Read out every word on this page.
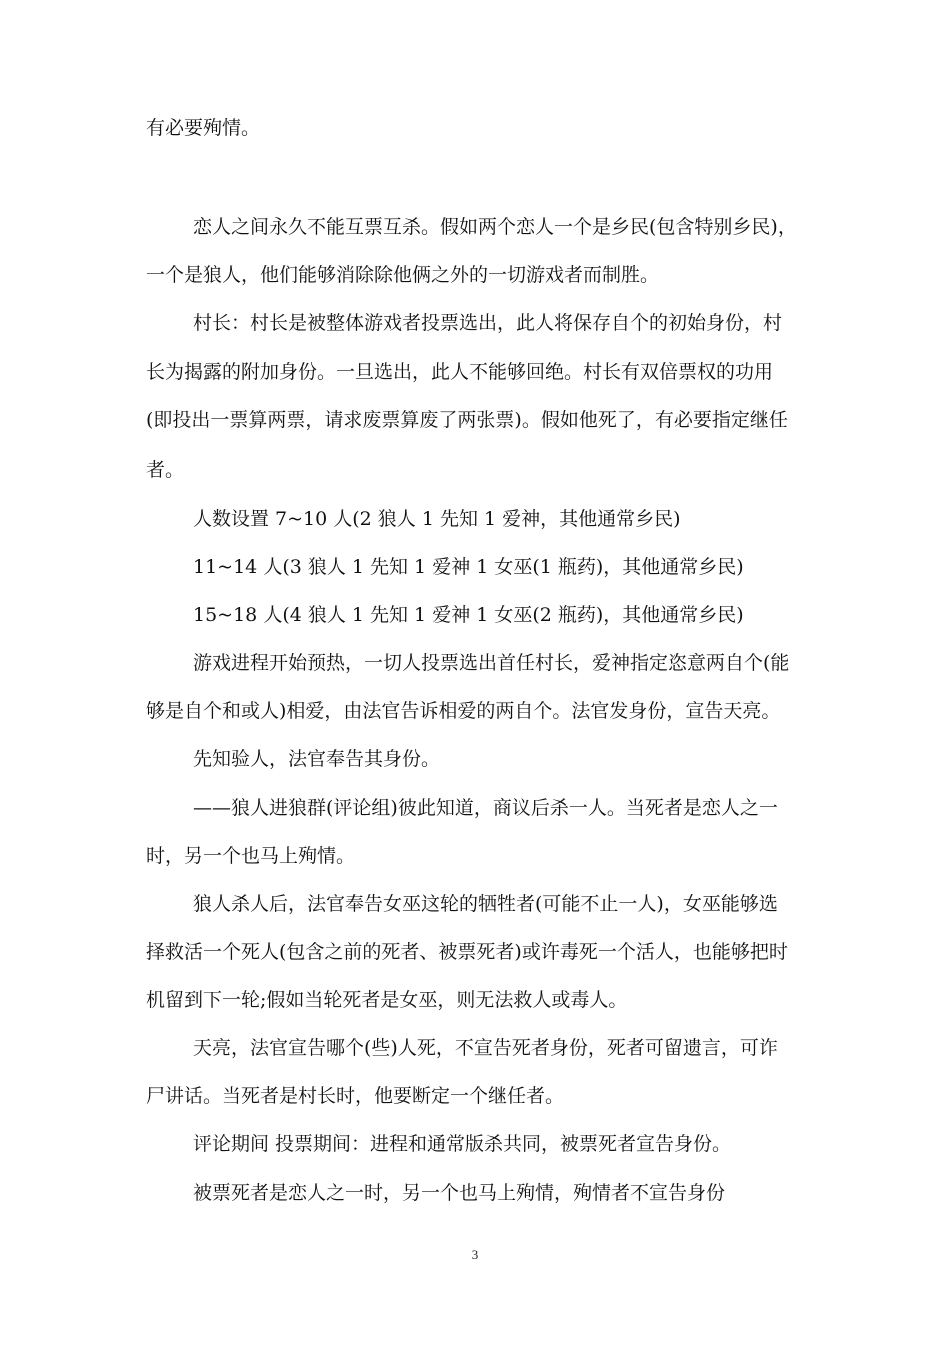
有必要殉情。
恋人之间永久不能互票互杀。假如两个恋人一个是乡民(包含特别乡民)，
一个是狼人，他们能够消除除他俩之外的一切游戏者而制胜。
村长：村长是被整体游戏者投票选出，此人将保存自个的初始身份，村
长为揭露的附加身份。一旦选出，此人不能够回绝。村长有双倍票权的功用
(即投出一票算两票，请求废票算废了两张票)。假如他死了，有必要指定继任
者。
人数设置 7~10 人(2 狼人 1 先知 1 爱神，其他通常乡民)
11~14 人(3 狼人 1 先知 1 爱神 1 女巫(1 瓶药)，其他通常乡民)
15~18 人(4 狼人 1 先知 1 爱神 1 女巫(2 瓶药)，其他通常乡民)
游戏进程开始预热，一切人投票选出首任村长，爱神指定恣意两自个(能
够是自个和或人)相爱，由法官告诉相爱的两自个。法官发身份，宣告天亮。
先知验人，法官奉告其身份。
——狼人进狼群(评论组)彼此知道，商议后杀一人。当死者是恋人之一
时，另一个也马上殉情。
狼人杀人后，法官奉告女巫这轮的牺牲者(可能不止一人)，女巫能够选
择救活一个死人(包含之前的死者、被票死者)或许毒死一个活人，也能够把时
机留到下一轮;假如当轮死者是女巫，则无法救人或毒人。
天亮，法官宣告哪个(些)人死，不宣告死者身份，死者可留遗言，可诈
尸讲话。当死者是村长时，他要断定一个继任者。
评论期间 投票期间：进程和通常版杀共同，被票死者宣告身份。
被票死者是恋人之一时，另一个也马上殉情，殉情者不宣告身份
3
